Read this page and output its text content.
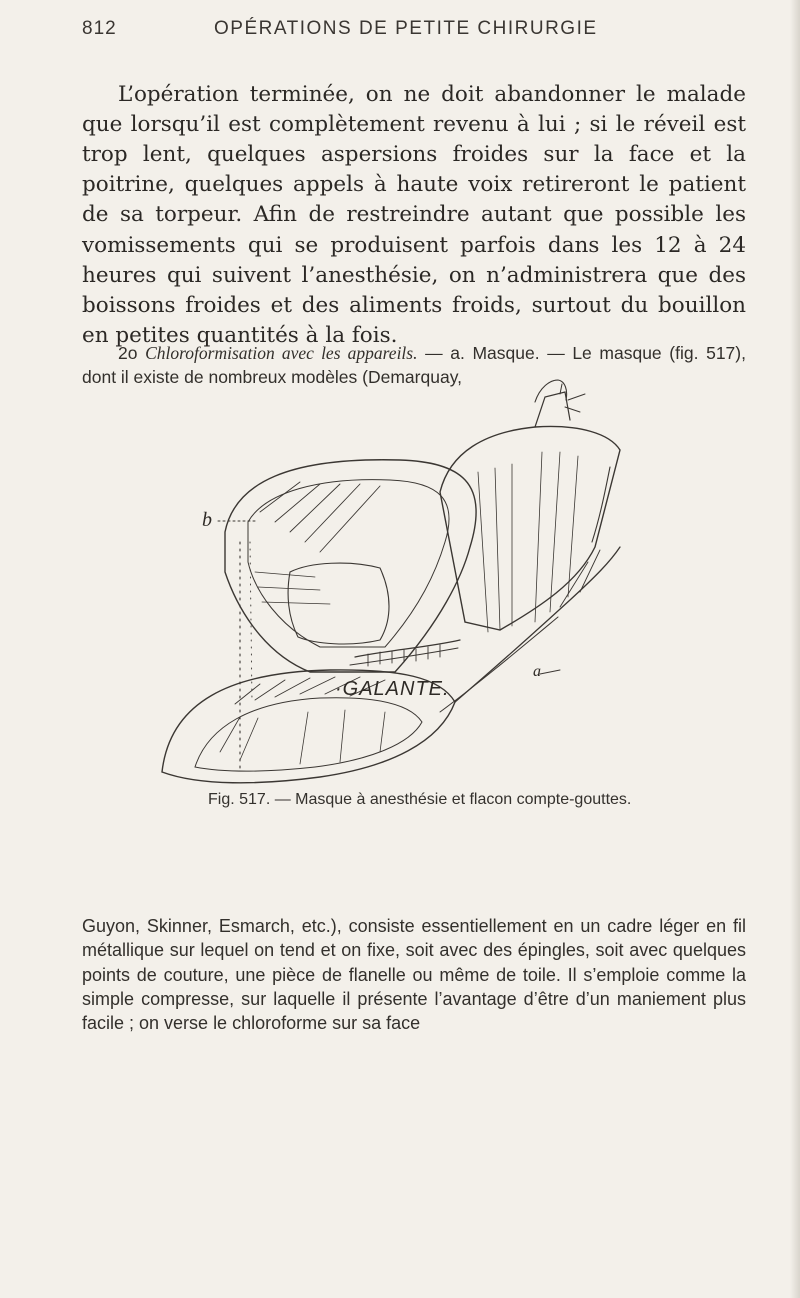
812	OPÉRATIONS DE PETITE CHIRURGIE

L’opération terminée, on ne doit abandonner le malade que lorsqu’il est complètement revenu à lui ; si le réveil est trop lent, quelques aspersions froides sur la face et la poitrine, quelques appels à haute voix retireront le patient de sa torpeur. Afin de restreindre autant que possible les vomissements qui se produisent parfois dans les 12 à 24 heures qui suivent l’anesthésie, on n’administrera que des boissons froides et des aliments froids, surtout du bouillon en petites quantités à la fois.

2o Chloroformisation avec les appareils. — a. Masque. — Le masque (fig. 517), dont il existe de nombreux modèles (Demarquay,

b
·GALANTE.
a
Fig. 517. — Masque à anesthésie et flacon compte-gouttes.

Guyon, Skinner, Esmarch, etc.), consiste essentiellement en un cadre léger en fil métallique sur lequel on tend et on fixe, soit avec des épingles, soit avec quelques points de couture, une pièce de flanelle ou même de toile. Il s’emploie comme la simple compresse, sur laquelle il présente l’avantage d’être d’un maniement plus facile ; on verse le chloroforme sur sa face
